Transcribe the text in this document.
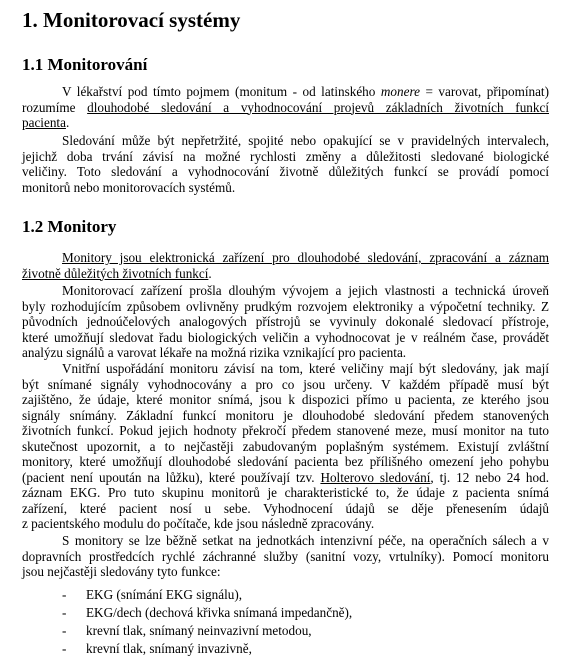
1. Monitorovací systémy
1.1 Monitorování
V lékařství pod tímto pojmem (monitum - od latinského monere = varovat, připomínat)
rozumíme dlouhodobé sledování a vyhodnocování projevů základních životních funkcí
pacienta.
Sledování může být nepřetržité, spojité nebo opakující se v pravidelných intervalech,
jejichž doba trvání závisí na možné rychlosti změny a důležitosti sledované biologické
veličiny. Toto sledování a vyhodnocování životně důležitých funkcí se provádí pomocí
monitorů nebo monitorovacích systémů.
1.2 Monitory
Monitory jsou elektronická zařízení pro dlouhodobé sledování, zpracování a záznam
životně důležitých životních funkcí.
Monitorovací zařízení prošla dlouhým vývojem a jejich vlastnosti a technická úroveň
byly rozhodujícím způsobem ovlivněny prudkým rozvojem elektroniky a výpočetní techniky. Z
původních jednoúčelových analogových přístrojů se vyvinuly dokonalé sledovací přístroje,
které umožňují sledovat řadu biologických veličin a vyhodnocovat je v reálném čase, provádět
analýzu signálů a varovat lékaře na možná rizika vznikající pro pacienta.
Vnitřní uspořádání monitoru závisí na tom, které veličiny mají být sledovány, jak mají
být snímané signály vyhodnocovány a pro co jsou určeny. V každém případě musí být
zajištěno, že údaje, které monitor snímá, jsou k dispozici přímo u pacienta, ze kterého jsou
signály snímány. Základní funkcí monitoru je dlouhodobé sledování předem stanovených
životních funkcí. Pokud jejich hodnoty překročí předem stanovené meze, musí monitor na tuto
skutečnost upozornit, a to nejčastěji zabudovaným poplašným systémem. Existují zvláštní
monitory, které umožňují dlouhodobé sledování pacienta bez přílišného omezení jeho pohybu
(pacient není upoután na lůžku), které používají tzv. Holterovo sledování, tj. 12 nebo 24 hod.
záznam EKG. Pro tuto skupinu monitorů je charakteristické to, že údaje z pacienta snímá
zařízení, které pacient nosí u sebe. Vyhodnocení údajů se děje přenesením údajů
z pacientského modulu do počítače, kde jsou následně zpracovány.
S monitory se lze běžně setkat na jednotkách intenzivní péče, na operačních sálech a v
dopravních prostředcích rychlé záchranné služby (sanitní vozy, vrtulníky). Pomocí monitoru
jsou nejčastěji sledovány tyto funkce:
- EKG (snímání EKG signálu),
- EKG/dech (dechová křivka snímaná impedančně),
- krevní tlak, snímaný neinvazivní metodou,
- krevní tlak, snímaný invazivně,
